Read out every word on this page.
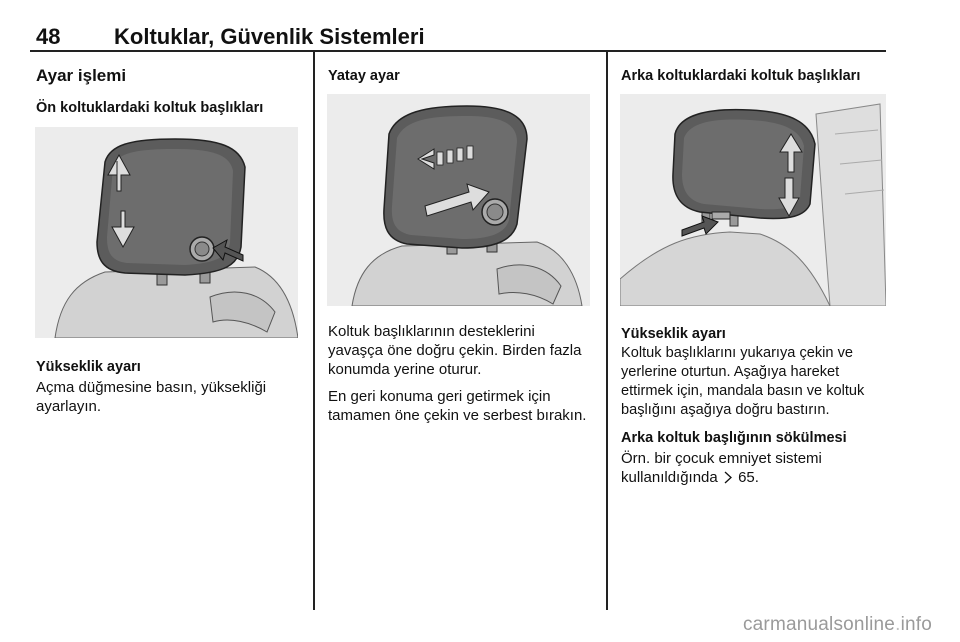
48 Koltuklar, Güvenlik Sistemleri
Ayar işlemi
Ön koltuklardaki koltuk başlıkları
Yükseklik ayarı
Açma düğmesine basın, yüksekliği ayarlayın.
Yatay ayar

Koltuk başlıklarının desteklerini yavaşça öne doğru çekin. Birden fazla konumda yerine oturur.

En geri konuma geri getirmek için tamamen öne çekin ve serbest bırakın.

Arka koltuklardaki koltuk başlıkları
Yükseklik ayarı
Koltuk başlıklarını yukarıya çekin ve yerlerine oturtun. Aşağıya hareket ettirmek için, mandala basın ve koltuk başlığını aşağıya doğru bastırın.
Arka koltuk başlığının sökülmesi
Örn. bir çocuk emniyet sistemi kullanıldığında 65.
carmanualsonline.info
